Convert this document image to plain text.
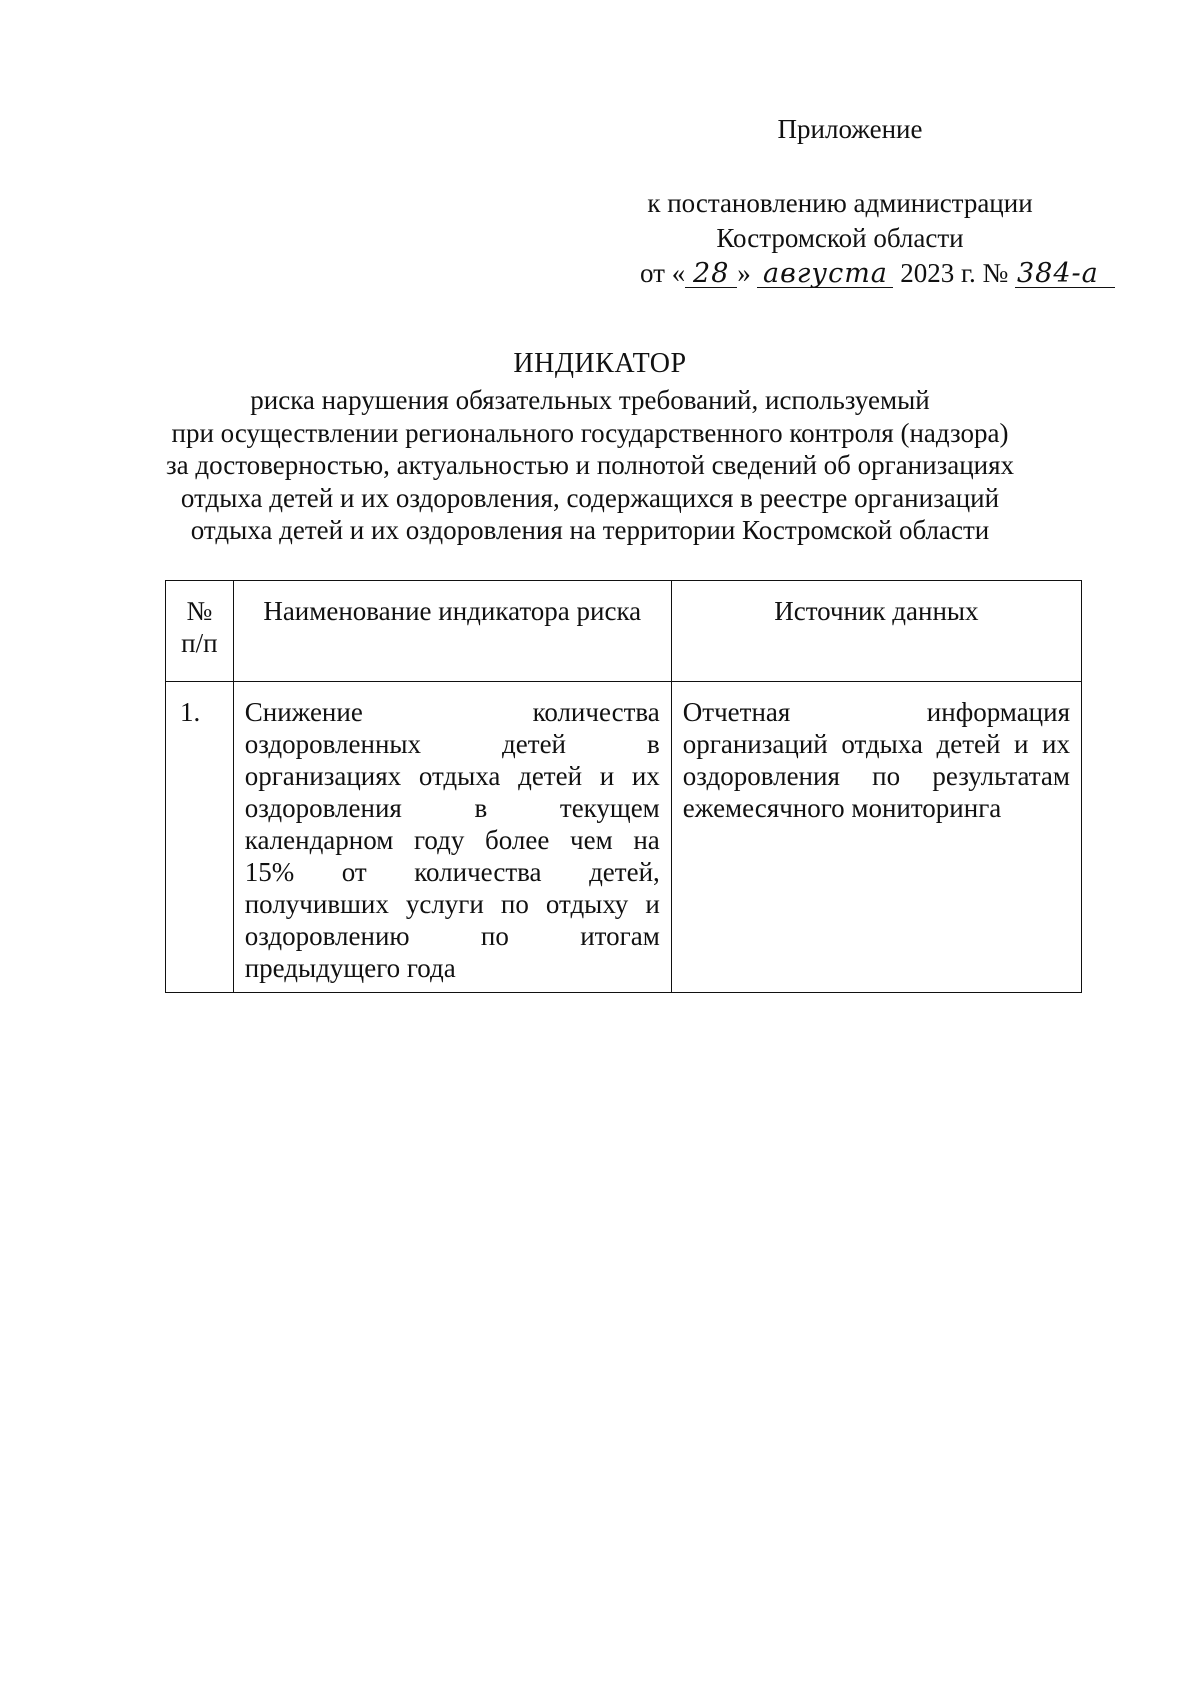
Приложение
к постановлению администрации
Костромской области
от « 28 » августа 2023 г. № 384-а
ИНДИКАТОР
риска нарушения обязательных требований, используемый
при осуществлении регионального государственного контроля (надзора)
за достоверностью, актуальностью и полнотой сведений об организациях
отдыха детей и их оздоровления, содержащихся в реестре организаций
отдыха детей и их оздоровления на территории Костромской области
№
п/п	Наименование индикатора риска	Источник данных
1.	Снижение количества оздоровленных детей в организациях отдыха детей и их оздоровления в текущем календарном году более чем на 15% от количества детей, получивших услуги по отдыху и оздоровлению по итогам предыдущего года	Отчетная информация организаций отдыха детей и их оздоровления по результатам ежемесячного мониторинга
